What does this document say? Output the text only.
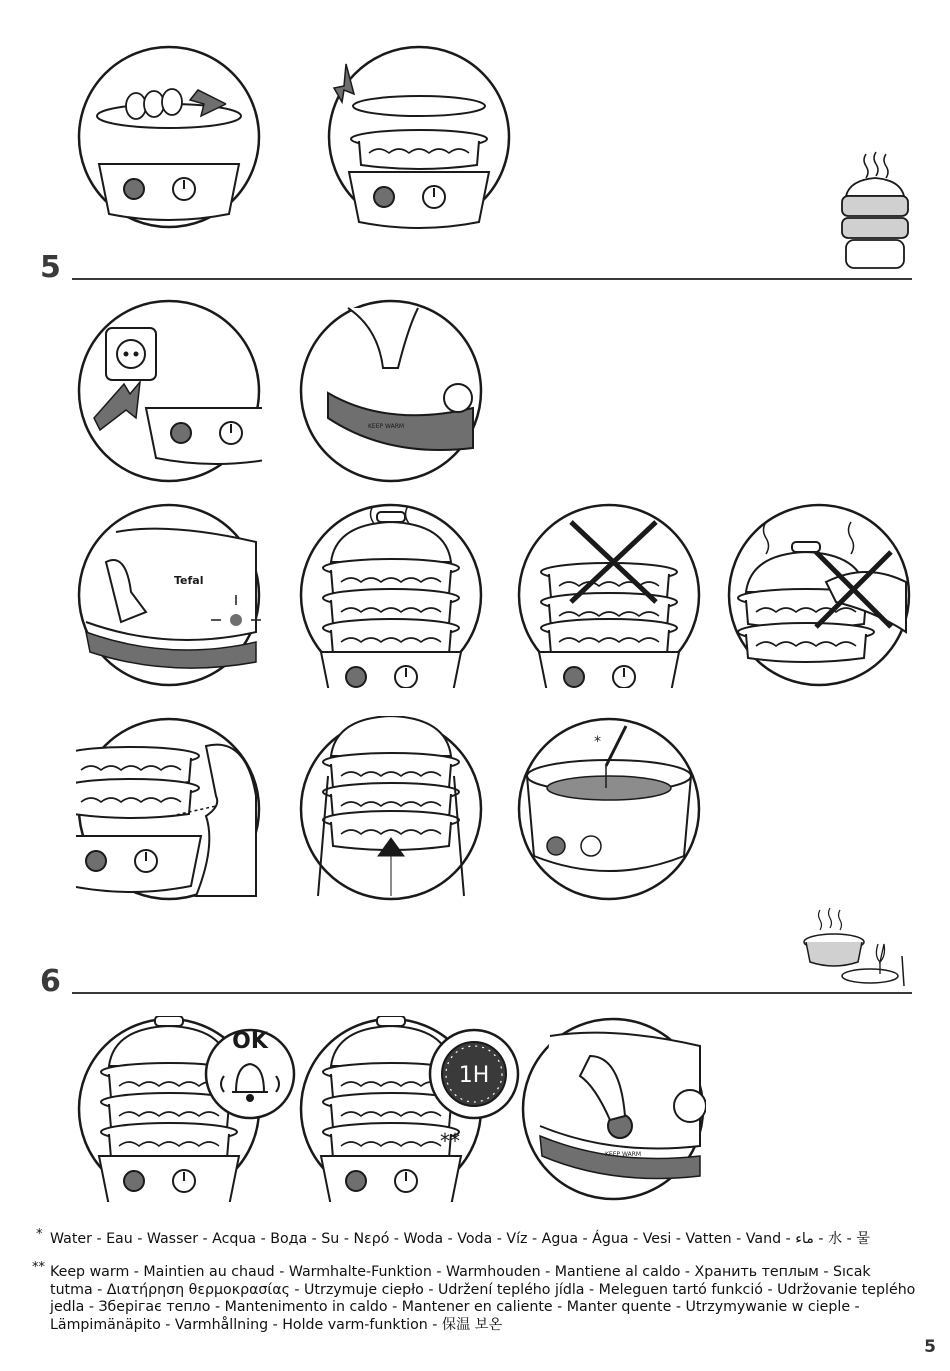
5
KEEP WARM
Tefal
*
6
OK
1H
**
KEEP WARM
* Water - Eau - Wasser - Acqua - Вода - Su - Νερό - Woda - Voda - Víz - Agua - Água - Vesi - Vatten - Vand - ماء - 水 - 물
** Keep warm - Maintien au chaud - Warmhalte-Funktion - Warmhouden - Mantiene al caldo - Хранить теплым - Sıcak tutma - Διατήρηση θερμοκρασίας - Utrzymuje ciepło - Udržení teplého jídla - Meleguen tartó funkció - Udržovanie teplého jedla - Зберігає тепло - Mantenimento in caldo - Mantener en caliente - Manter quente - Utrzymywanie w cieple - Lämpimänäpito - Varmhållning - Holde varm-funktion - 保温 보온
5
